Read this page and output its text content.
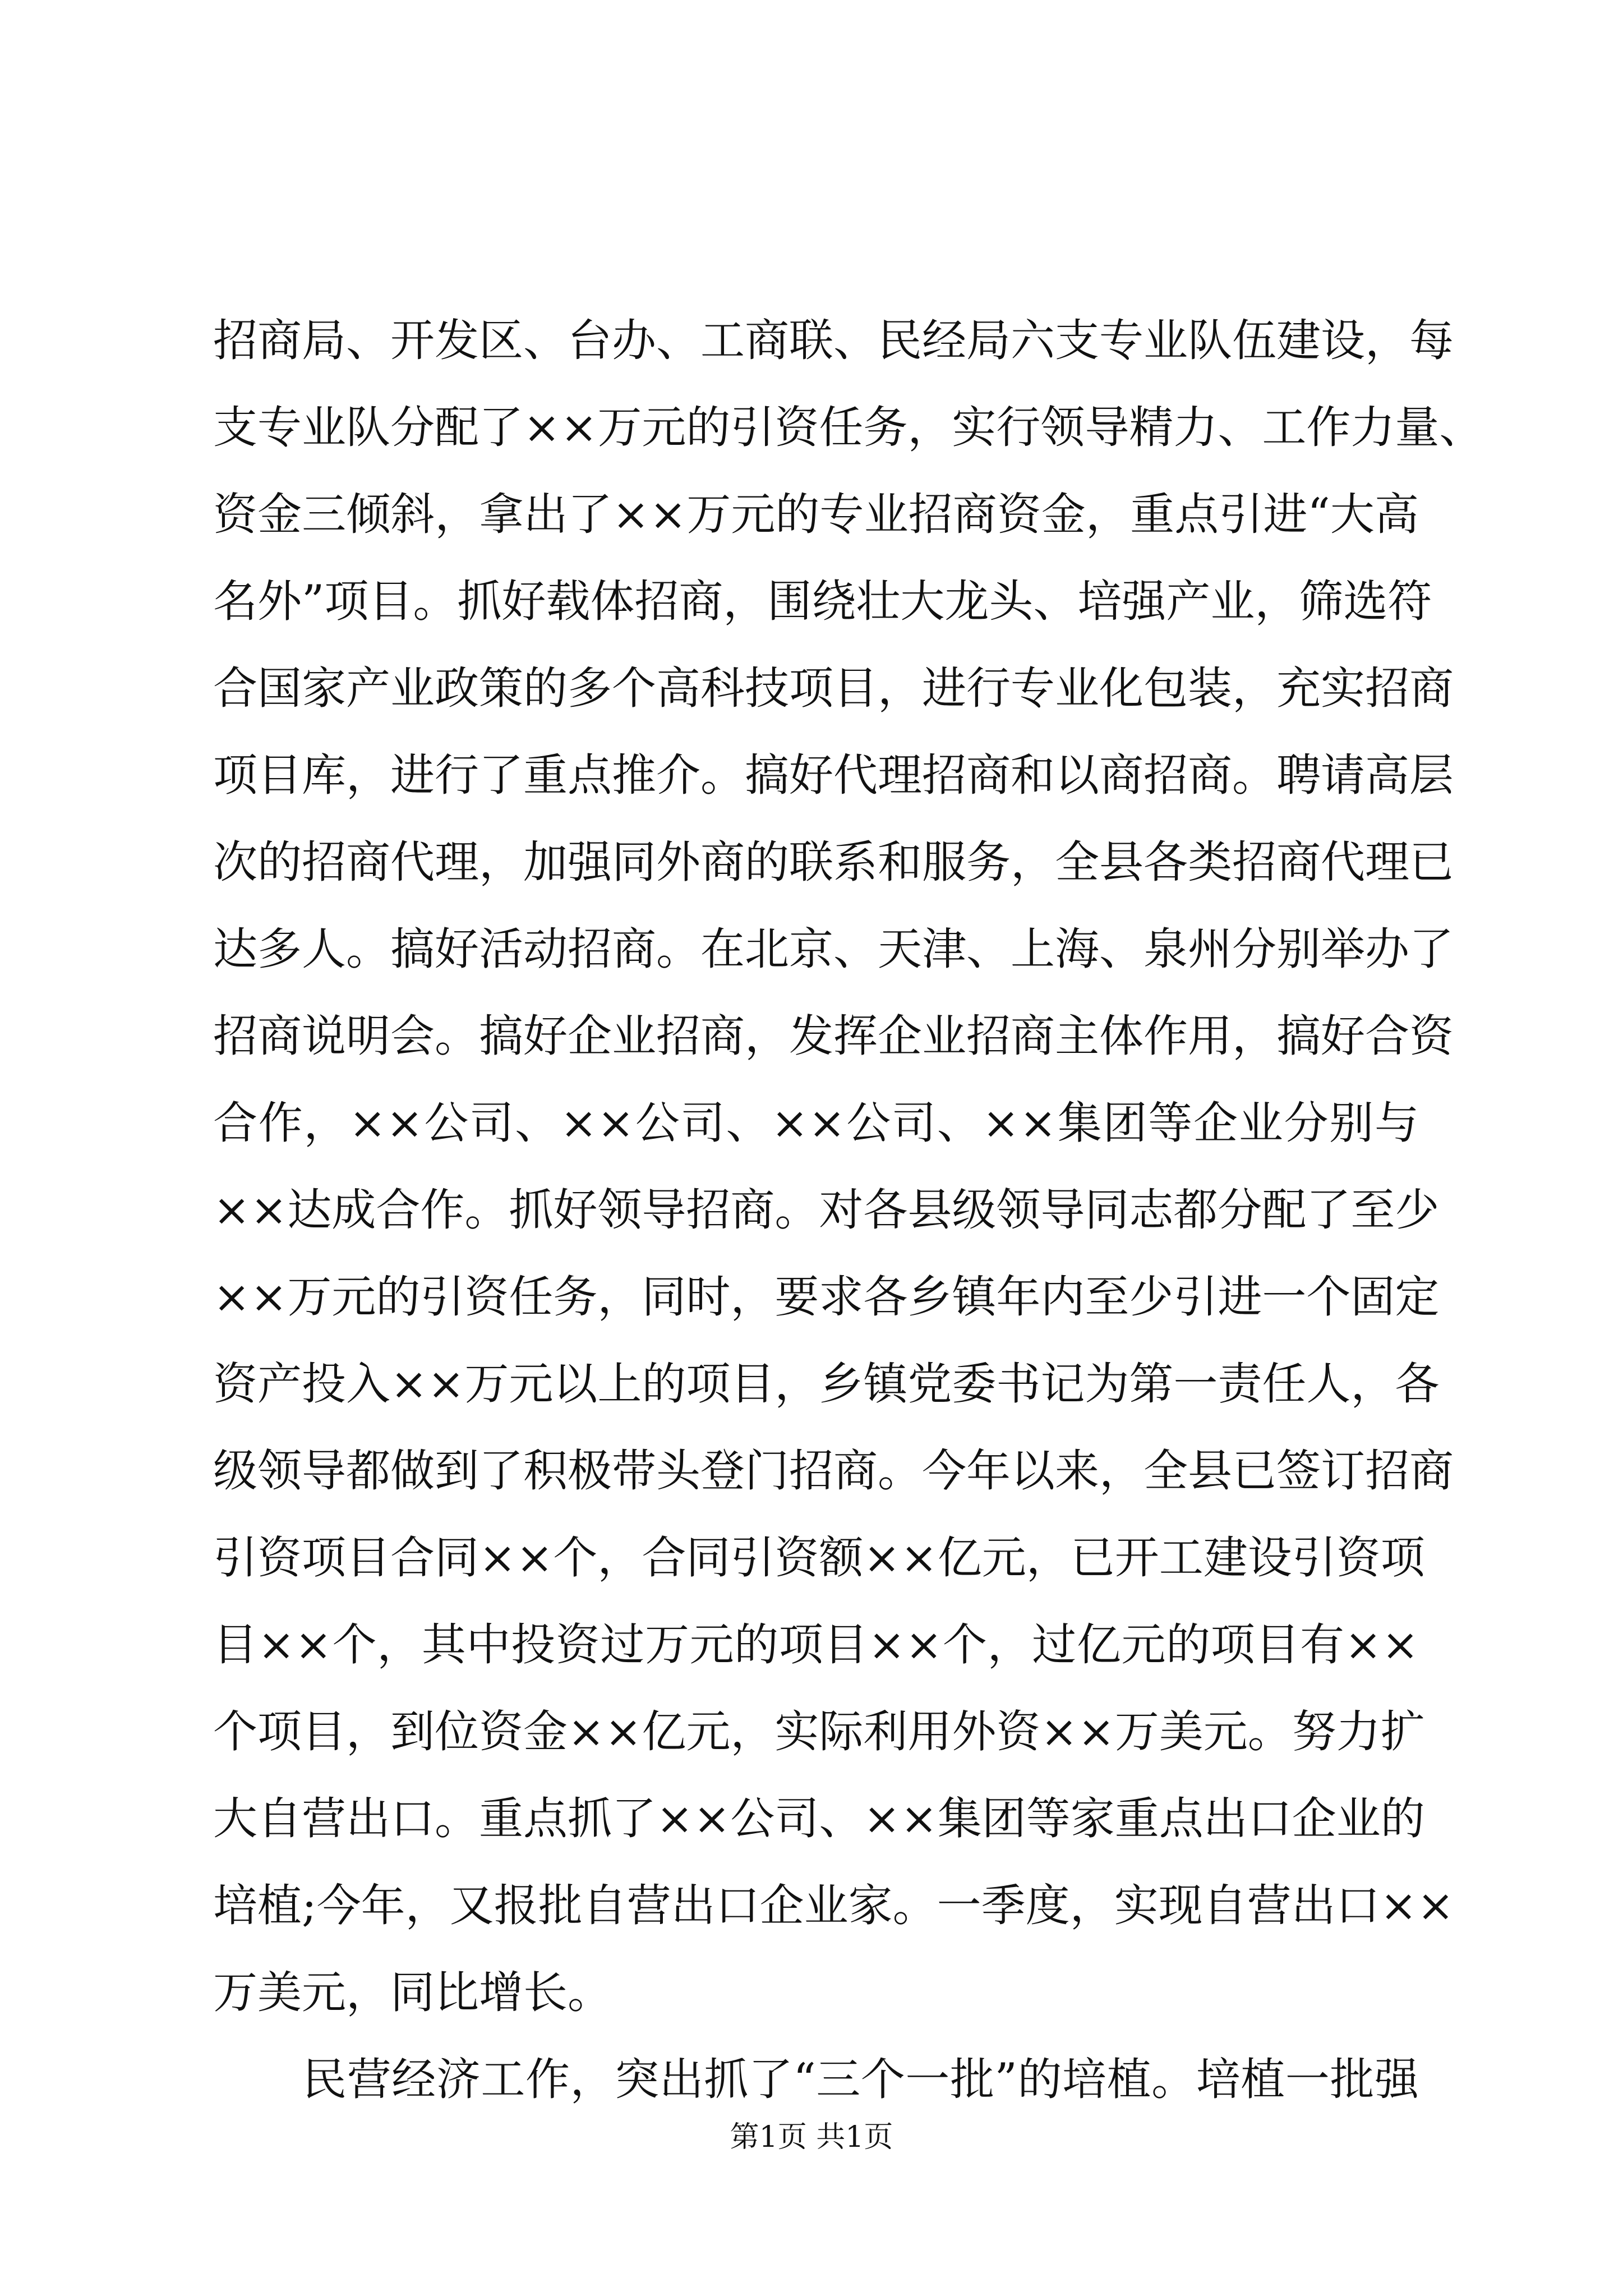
招商局、开发区、台办、工商联、民经局六支专业队伍建设，每
支专业队分配了××万元的引资任务，实行领导精力、工作力量、
资金三倾斜，拿出了××万元的专业招商资金，重点引进“大高
名外”项目。抓好载体招商，围绕壮大龙头、培强产业，筛选符
合国家产业政策的多个高科技项目，进行专业化包装，充实招商
项目库，进行了重点推介。搞好代理招商和以商招商。聘请高层
次的招商代理，加强同外商的联系和服务，全县各类招商代理已
达多人。搞好活动招商。在北京、天津、上海、泉州分别举办了
招商说明会。搞好企业招商，发挥企业招商主体作用，搞好合资
合作，××公司、××公司、××公司、××集团等企业分别与
××达成合作。抓好领导招商。对各县级领导同志都分配了至少
××万元的引资任务，同时，要求各乡镇年内至少引进一个固定
资产投入××万元以上的项目，乡镇党委书记为第一责任人，各
级领导都做到了积极带头登门招商。今年以来，全县已签订招商
引资项目合同××个，合同引资额××亿元，已开工建设引资项
目××个，其中投资过万元的项目××个，过亿元的项目有××
个项目，到位资金××亿元，实际利用外资××万美元。努力扩
大自营出口。重点抓了××公司、××集团等家重点出口企业的
培植;今年，又报批自营出口企业家。一季度，实现自营出口××
万美元，同比增长。
　　民营经济工作，突出抓了“三个一批”的培植。培植一批强
第1页 共1页
